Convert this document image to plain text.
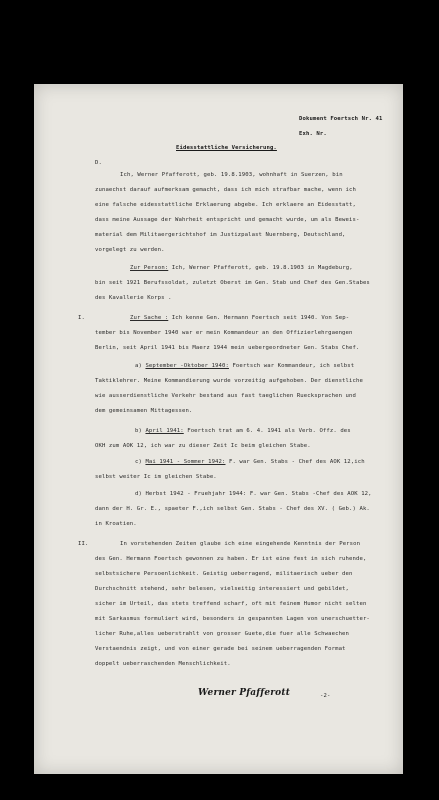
Dokument Foertsch Nr. 41
Exh. Nr.
Eidesstattliche Versicherung.
D.
Ich, Werner Pfafferott, geb. 19.8.1903, wohnhaft in Suerzen, bin
zunaechst darauf aufmerksam gemacht, dass ich mich strafbar mache, wenn ich
eine falsche eidesstattliche Erklaerung abgebe. Ich erklaere an Eidesstatt,
dass meine Aussage der Wahrheit entspricht und gemacht wurde, um als Beweis-
material dem Militaergerichtshof im Justizpalast Nuernberg, Deutschland,
vorgelegt zu werden.
Zur Person: Ich, Werner Pfafferott, geb. 19.8.1903 in Magdeburg,
bin seit 1921 Berufssoldat, zuletzt Oberst im Gen. Stab und Chef des Gen.Stabes
des Kavallerie Korps .
I.	Zur Sache : Ich kenne Gen. Hermann Foertsch seit 1940. Von Sep-
tember bis November 1940 war er mein Kommandeur an den Offizierlehrgaengen
Berlin, seit April 1941 bis Maerz 1944 mein uebergeordneter Gen. Stabs Chef.
a) September -Oktober 1940: Foertsch war Kommandeur, ich selbst
Taktiklehrer. Meine Kommandierung wurde vorzeitig aufgehoben. Der dienstliche
wie ausserdienstliche Verkehr bestand aus fast taeglichen Ruecksprachen und
dem gemeinsamen Mittagessen.
b) April 1941: Foertsch trat am 6. 4. 1941 als Verb. Offz. des
OKH zum AOK 12, ich war zu dieser Zeit Ic beim gleichen Stabe.
c) Mai 1941 - Sommer 1942: F. war Gen. Stabs - Chef des AOK 12,ich
selbst weiter Ic im gleichen Stabe.
d) Herbst 1942 - Fruehjahr 1944: F. war Gen. Stabs -Chef des AOK 12,
dann der H. Gr. E., spaeter F.,ich selbst Gen. Stabs - Chef des XV. ( Geb.) Ak.
in Kroatien.
II.	In vorstehenden Zeiten glaube ich eine eingehende Kenntnis der Person
des Gen. Hermann Foertsch gewonnen zu haben. Er ist eine fest in sich ruhende,
selbstsichere Persoenlichkeit. Geistig ueberragend, militaerisch ueber den
Durchschnitt stehend, sehr belesen, vielseitig interessiert und gebildet,
sicher im Urteil, das stets treffend scharf, oft mit feinem Humor nicht selten
mit Sarkasmus formuliert wird, besonders in gespannten Lagen von unerschuetter-
licher Ruhe,alles ueberstrahlt von grosser Guete,die fuer alle Schwaechen
Verstaendnis zeigt, und von einer gerade bei seinem ueberragenden Format
doppelt ueberraschenden Menschlichkeit.
Werner Pfafferott	-2-
